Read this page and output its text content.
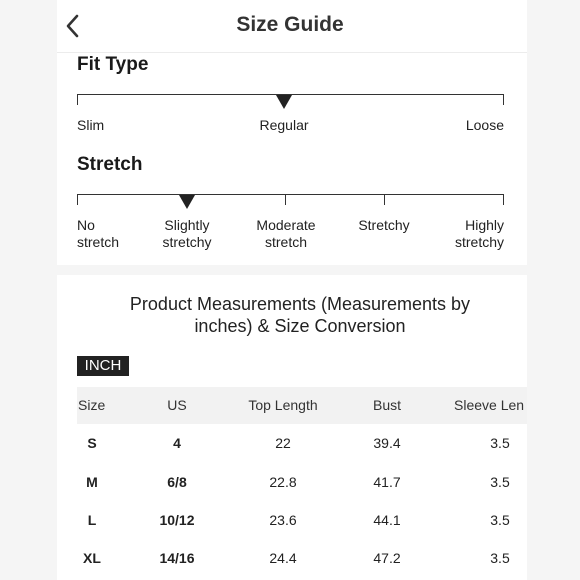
Size Guide
Fit Type
Slim	Regular	Loose
Stretch
No
stretch
Slightly
stretchy
Moderate
stretch
Stretchy	Highly
stretchy
Product Measurements (Measurements by
inches) & Size Conversion
INCH
Size	US	Top Length	Bust	Sleeve Len
S	4	22	39.4	3.5
M	6/8	22.8	41.7	3.5
L	10/12	23.6	44.1	3.5
XL	14/16	24.4	47.2	3.5
